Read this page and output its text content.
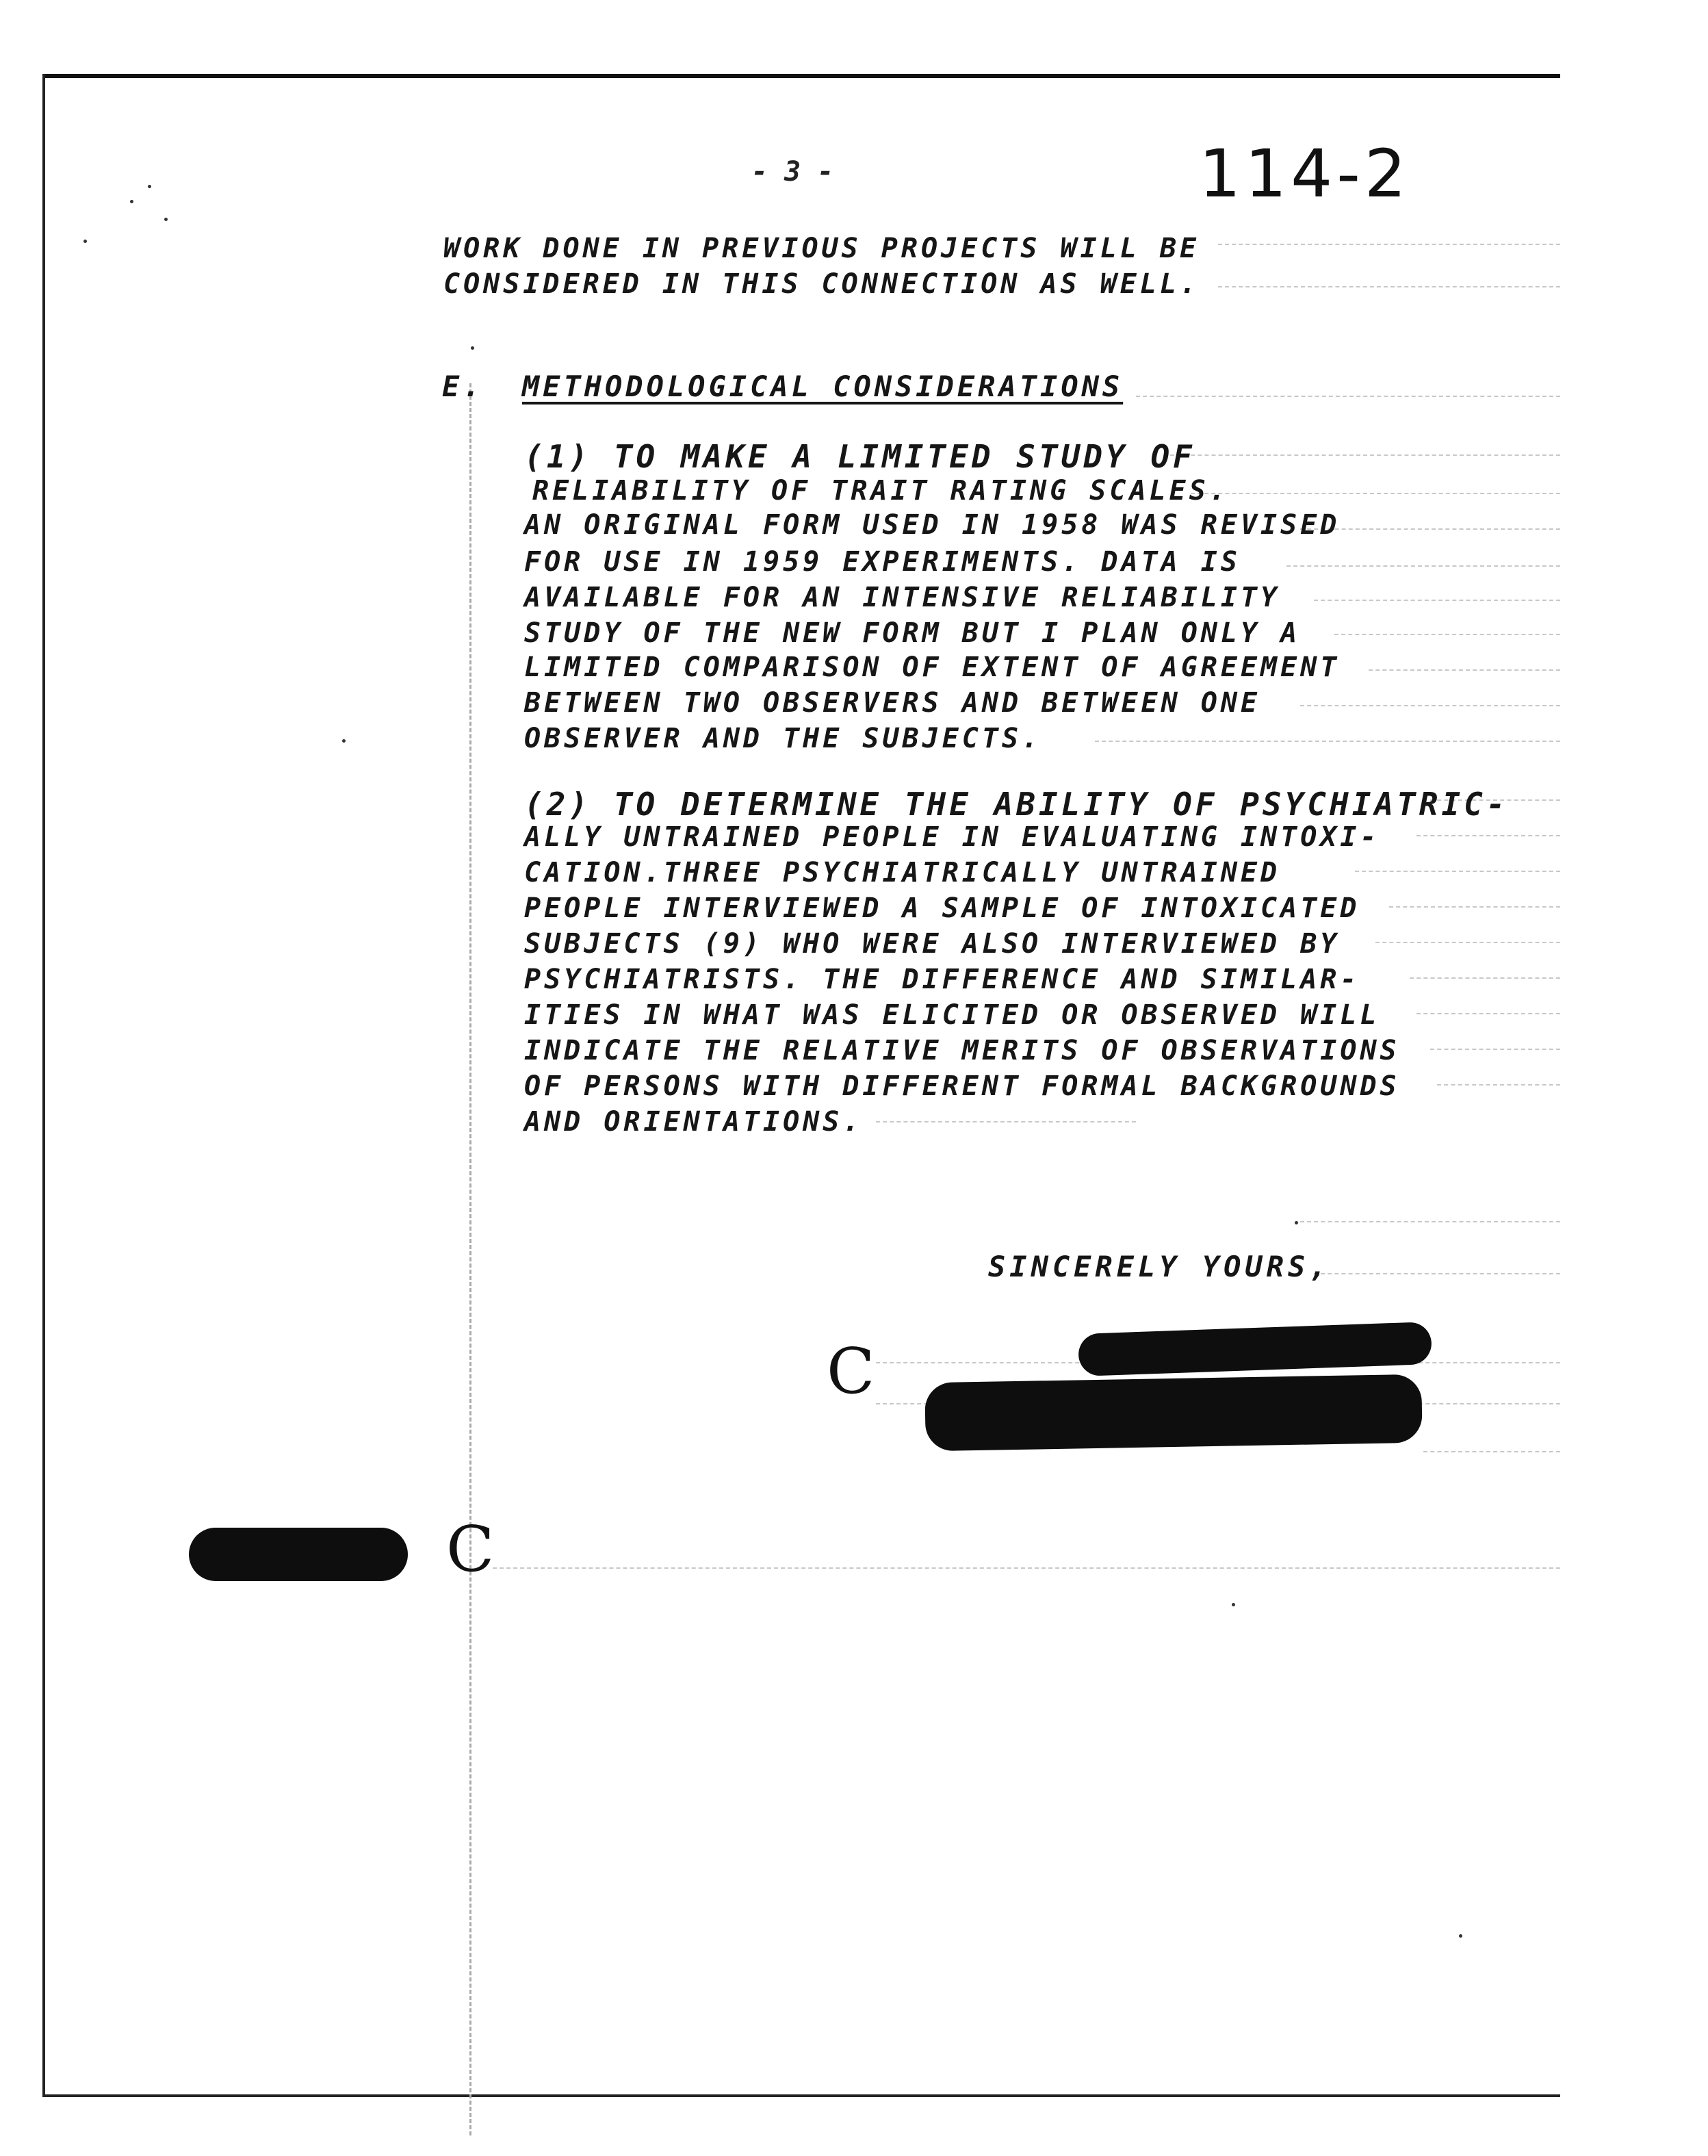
- 3 -	114-2
WORK DONE IN PREVIOUS PROJECTS WILL BE
CONSIDERED IN THIS CONNECTION AS WELL.
E. METHODOLOGICAL CONSIDERATIONS
(1) TO MAKE A LIMITED STUDY OF
RELIABILITY OF TRAIT RATING SCALES.
AN ORIGINAL FORM USED IN 1958 WAS REVISED
FOR USE IN 1959 EXPERIMENTS. DATA IS
AVAILABLE FOR AN INTENSIVE RELIABILITY
STUDY OF THE NEW FORM BUT I PLAN ONLY A
LIMITED COMPARISON OF EXTENT OF AGREEMENT
BETWEEN TWO OBSERVERS AND BETWEEN ONE
OBSERVER AND THE SUBJECTS.
(2) TO DETERMINE THE ABILITY OF PSYCHIATRIC-
ALLY UNTRAINED PEOPLE IN EVALUATING INTOXI-
CATION.THREE PSYCHIATRICALLY UNTRAINED
PEOPLE INTERVIEWED A SAMPLE OF INTOXICATED
SUBJECTS (9) WHO WERE ALSO INTERVIEWED BY
PSYCHIATRISTS. THE DIFFERENCE AND SIMILAR-
ITIES IN WHAT WAS ELICITED OR OBSERVED WILL
INDICATE THE RELATIVE MERITS OF OBSERVATIONS
OF PERSONS WITH DIFFERENT FORMAL BACKGROUNDS
AND ORIENTATIONS.
SINCERELY YOURS,
C
C
